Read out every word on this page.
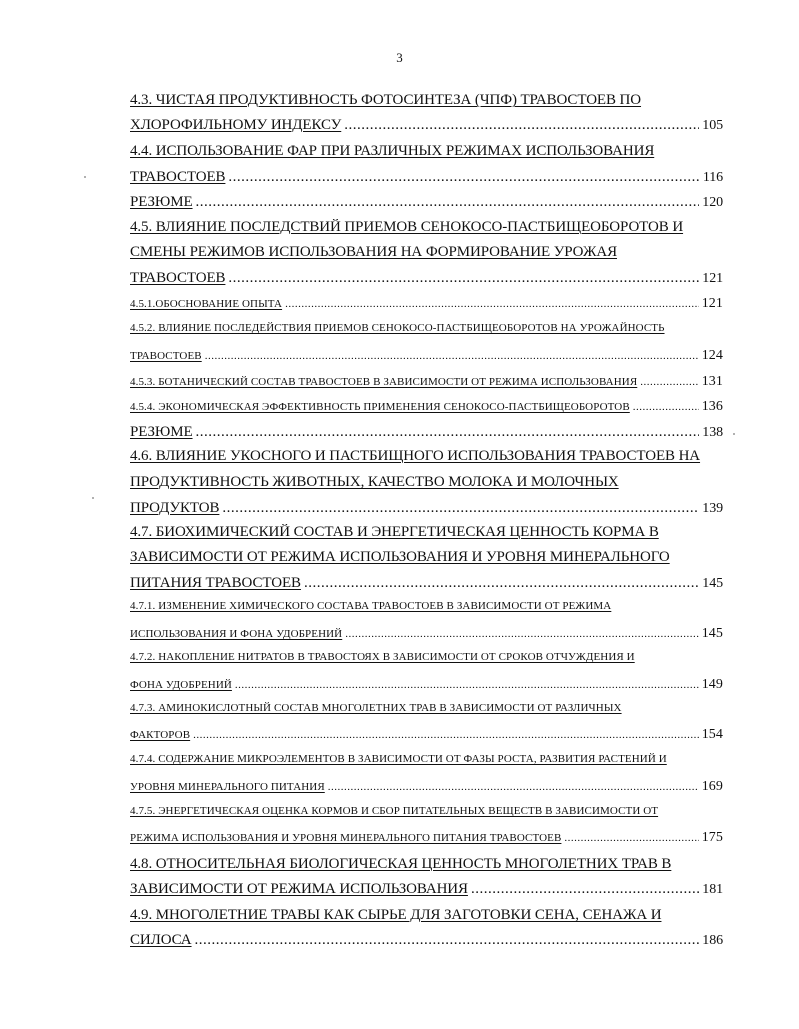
3
4.3. ЧИСТАЯ ПРОДУКТИВНОСТЬ ФОТОСИНТЕЗА (ЧПФ) ТРАВОСТОЕВ ПО
ХЛОРОФИЛЬНОМУ ИНДЕКСУ .....	105
4.4. ИСПОЛЬЗОВАНИЕ ФАР ПРИ РАЗЛИЧНЫХ РЕЖИМАХ ИСПОЛЬЗОВАНИЯ
ТРАВОСТОЕВ .....	116
РЕЗЮМЕ .....	120
4.5. ВЛИЯНИЕ ПОСЛЕДСТВИЙ ПРИЕМОВ СЕНОКОСО-ПАСТБИЩЕОБОРОТОВ И
СМЕНЫ РЕЖИМОВ ИСПОЛЬЗОВАНИЯ НА ФОРМИРОВАНИЕ УРОЖАЯ
ТРАВОСТОЕВ .....	121
4.5.1.ОБОСНОВАНИЕ ОПЫТА .....	121
4.5.2. ВЛИЯНИЕ ПОСЛЕДЕЙСТВИЯ ПРИЕМОВ СЕНОКОСО-ПАСТБИЩЕОБОРОТОВ НА УРОЖАЙНОСТЬ
ТРАВОСТОЕВ .....	124
4.5.3. БОТАНИЧЕСКИЙ СОСТАВ ТРАВОСТОЕВ В ЗАВИСИМОСТИ ОТ РЕЖИМА ИСПОЛЬЗОВАНИЯ .....	131
4.5.4. ЭКОНОМИЧЕСКАЯ ЭФФЕКТИВНОСТЬ ПРИМЕНЕНИЯ СЕНОКОСО-ПАСТБИЩЕОБОРОТОВ .....	136
РЕЗЮМЕ .....	138
4.6. ВЛИЯНИЕ УКОСНОГО И ПАСТБИЩНОГО ИСПОЛЬЗОВАНИЯ ТРАВОСТОЕВ НА
ПРОДУКТИВНОСТЬ ЖИВОТНЫХ, КАЧЕСТВО МОЛОКА И МОЛОЧНЫХ
ПРОДУКТОВ .....	139
4.7. БИОХИМИЧЕСКИЙ СОСТАВ И ЭНЕРГЕТИЧЕСКАЯ ЦЕННОСТЬ КОРМА В
ЗАВИСИМОСТИ ОТ РЕЖИМА ИСПОЛЬЗОВАНИЯ И УРОВНЯ МИНЕРАЛЬНОГО
ПИТАНИЯ ТРАВОСТОЕВ .....	145
4.7.1. ИЗМЕНЕНИЕ ХИМИЧЕСКОГО СОСТАВА ТРАВОСТОЕВ В ЗАВИСИМОСТИ ОТ РЕЖИМА
ИСПОЛЬЗОВАНИЯ И ФОНА УДОБРЕНИЙ .....	145
4.7.2. НАКОПЛЕНИЕ НИТРАТОВ В ТРАВОСТОЯХ В ЗАВИСИМОСТИ ОТ СРОКОВ ОТЧУЖДЕНИЯ И
ФОНА УДОБРЕНИЙ .....	149
4.7.3. АМИНОКИСЛОТНЫЙ СОСТАВ МНОГОЛЕТНИХ ТРАВ В ЗАВИСИМОСТИ ОТ РАЗЛИЧНЫХ
ФАКТОРОВ .....	154
4.7.4. СОДЕРЖАНИЕ МИКРОЭЛЕМЕНТОВ В ЗАВИСИМОСТИ ОТ ФАЗЫ РОСТА, РАЗВИТИЯ РАСТЕНИЙ И
УРОВНЯ МИНЕРАЛЬНОГО ПИТАНИЯ .....	169
4.7.5. ЭНЕРГЕТИЧЕСКАЯ ОЦЕНКА КОРМОВ И СБОР ПИТАТЕЛЬНЫХ ВЕЩЕСТВ В ЗАВИСИМОСТИ ОТ
РЕЖИМА ИСПОЛЬЗОВАНИЯ И УРОВНЯ МИНЕРАЛЬНОГО ПИТАНИЯ ТРАВОСТОЕВ .....	175
4.8. ОТНОСИТЕЛЬНАЯ БИОЛОГИЧЕСКАЯ ЦЕННОСТЬ МНОГОЛЕТНИХ ТРАВ В
ЗАВИСИМОСТИ ОТ РЕЖИМА ИСПОЛЬЗОВАНИЯ .....	181
4.9. МНОГОЛЕТНИЕ ТРАВЫ КАК СЫРЬЕ ДЛЯ ЗАГОТОВКИ СЕНА, СЕНАЖА И
СИЛОСА .....	186
